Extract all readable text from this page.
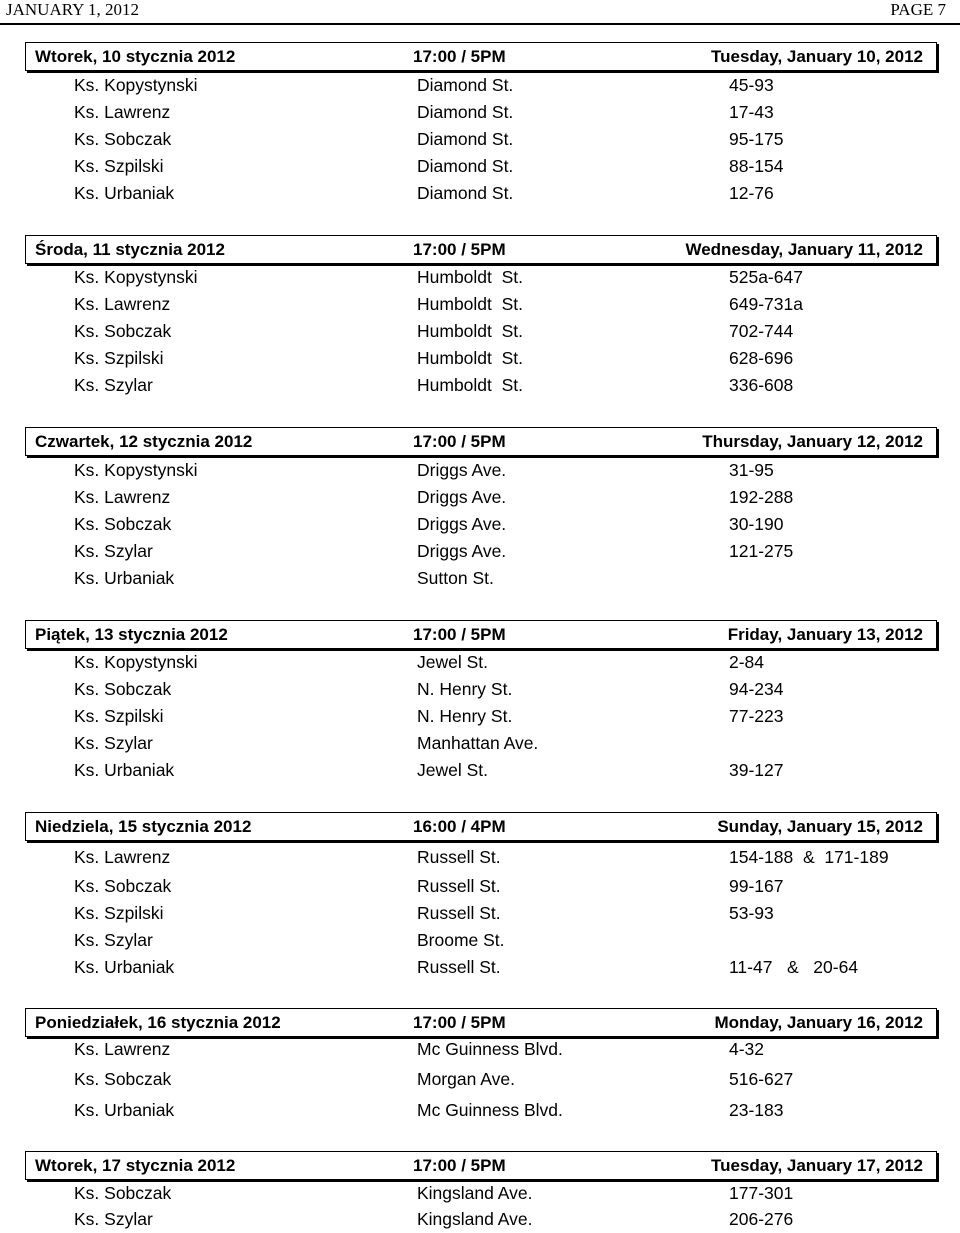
JANUARY 1, 2012	PAGE 7
Wtorek, 10 stycznia 2012	17:00 / 5PM	Tuesday, January 10, 2012
Ks. Kopystynski	Diamond St.	45-93
Ks. Lawrenz	Diamond St.	17-43
Ks. Sobczak	Diamond St.	95-175
Ks. Szpilski	Diamond St.	88-154
Ks. Urbaniak	Diamond St.	12-76
Środa, 11 stycznia 2012	17:00 / 5PM	Wednesday, January 11, 2012
Ks. Kopystynski	Humboldt  St.	525a-647
Ks. Lawrenz	Humboldt  St.	649-731a
Ks. Sobczak	Humboldt  St.	702-744
Ks. Szpilski	Humboldt  St.	628-696
Ks. Szylar	Humboldt  St.	336-608
Czwartek, 12 stycznia 2012	17:00 / 5PM	Thursday, January 12, 2012
Ks. Kopystynski	Driggs Ave.	31-95
Ks. Lawrenz	Driggs Ave.	192-288
Ks. Sobczak	Driggs Ave.	30-190
Ks. Szylar	Driggs Ave.	121-275
Ks. Urbaniak	Sutton St.
Piątek, 13 stycznia 2012	17:00 / 5PM	Friday, January 13, 2012
Ks. Kopystynski	Jewel St.	2-84
Ks. Sobczak	N. Henry St.	94-234
Ks. Szpilski	N. Henry St.	77-223
Ks. Szylar	Manhattan Ave.
Ks. Urbaniak	Jewel St.	39-127
Niedziela, 15 stycznia 2012	16:00 / 4PM	Sunday, January 15, 2012
Ks. Lawrenz	Russell St.	154-188  &  171-189
Ks. Sobczak	Russell St.	99-167
Ks. Szpilski	Russell St.	53-93
Ks. Szylar	Broome St.
Ks. Urbaniak	Russell St.	11-47   &   20-64
Poniedziałek, 16 stycznia 2012	17:00 / 5PM	Monday, January 16, 2012
Ks. Lawrenz	Mc Guinness Blvd.	4-32
Ks. Sobczak	Morgan Ave.	516-627
Ks. Urbaniak	Mc Guinness Blvd.	23-183
Wtorek, 17 stycznia 2012	17:00 / 5PM	Tuesday, January 17, 2012
Ks. Sobczak	Kingsland Ave.	177-301
Ks. Szylar	Kingsland Ave.	206-276
